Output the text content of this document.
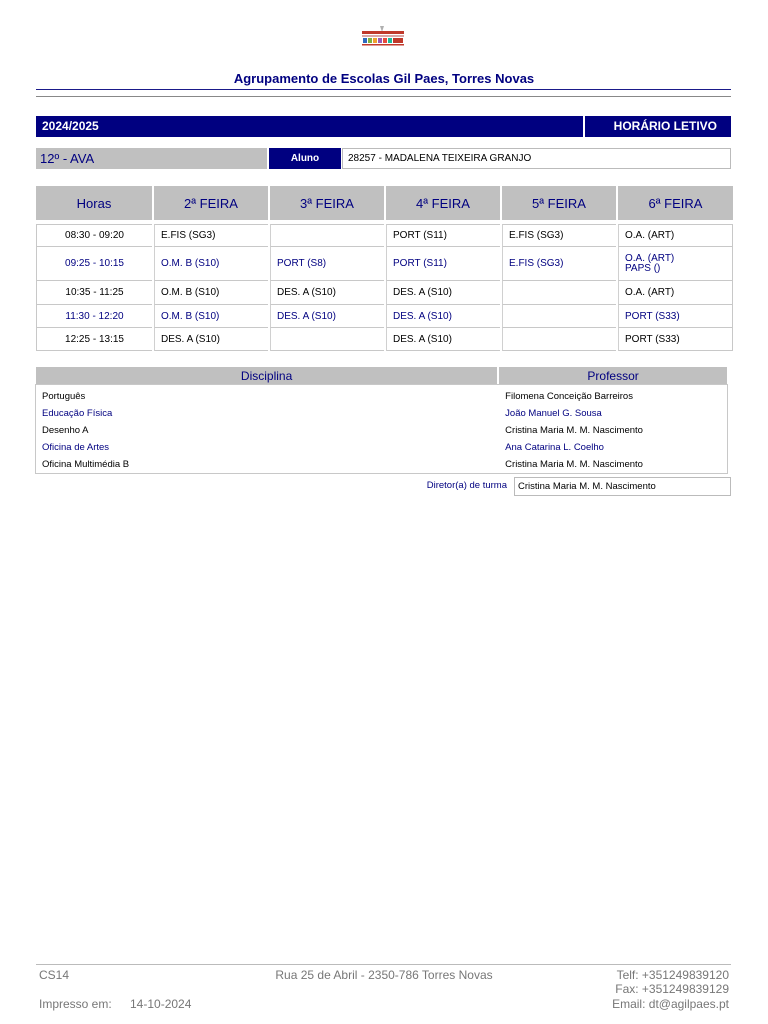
Agrupamento de Escolas Gil Paes, Torres Novas
2024/2025	HORÁRIO LETIVO
12º - AVA	Aluno	28257 - MADALENA TEIXEIRA GRANJO
Horas	2ª FEIRA	3ª FEIRA	4ª FEIRA	5ª FEIRA	6ª FEIRA

08:30 - 09:20	E.FIS (SG3)		PORT (S11)	E.FIS (SG3)	O.A. (ART)
09:25 - 10:15	O.M. B (S10)	PORT (S8)	PORT (S11)	E.FIS (SG3)	O.A. (ART)
PAPS ()

10:35 - 11:25	O.M. B (S10)	DES. A (S10)	DES. A (S10)		O.A. (ART)
11:30 - 12:20	O.M. B (S10)	DES. A (S10)	DES. A (S10)		PORT (S33)
12:25 - 13:15	DES. A (S10)		DES. A (S10)		PORT (S33)
Disciplina	Professor

Português	Filomena Conceição Barreiros
Educação Física	João Manuel G. Sousa
Desenho A	Cristina Maria M. M. Nascimento
Oficina de Artes	Ana Catarina L. Coelho
Oficina Multimédia B	Cristina Maria M. M. Nascimento
Diretor(a) de turma	Cristina Maria M. M. Nascimento
CS14	Rua 25 de Abril - 2350-786 Torres Novas	Telf: +351249839120
Fax: +351249839129
Email: dt@agilpaes.pt
Impresso em: 14-10-2024
